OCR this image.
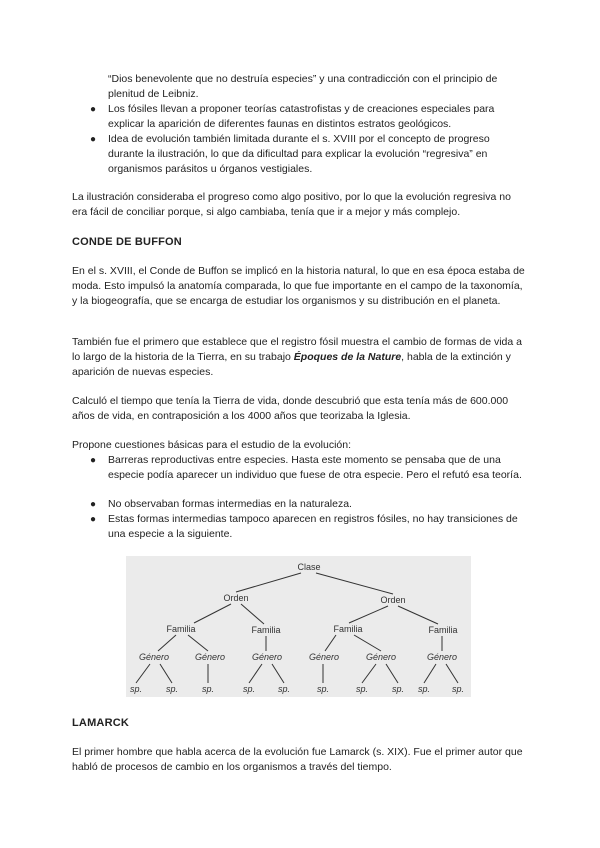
“Dios benevolente que no destruía especies” y una contradicción con el principio de plenitud de Leibniz.

●	Los fósiles llevan a proponer teorías catastrofistas y de creaciones especiales para explicar la aparición de diferentes faunas en distintos estratos geológicos.
●	Idea de evolución también limitada durante el s. XVIII por el concepto de progreso durante la ilustración, lo que da dificultad para explicar la evolución “regresiva” en organismos parásitos u órganos vestigiales.

La ilustración consideraba el progreso como algo positivo, por lo que la evolución regresiva no era fácil de conciliar porque, si algo cambiaba, tenía que ir a mejor y más complejo.

CONDE DE BUFFON

En el s. XVIII, el Conde de Buffon se implicó en la historia natural, lo que en esa época estaba de moda. Esto impulsó la anatomía comparada, lo que fue importante en el campo de la taxonomía, y la biogeografía, que se encarga de estudiar los organismos y su distribución en el planeta.

También fue el primero que establece que el registro fósil muestra el cambio de formas de vida a lo largo de la historia de la Tierra, en su trabajo Époques de la Nature, habla de la extinción y aparición de nuevas especies.

Calculó el tiempo que tenía la Tierra de vida, donde descubrió que esta tenía más de 600.000 años de vida, en contraposición a los 4000 años que teorizaba la Iglesia.

Propone cuestiones básicas para el estudio de la evolución:

●	Barreras reproductivas entre especies. Hasta este momento se pensaba que de una especie podía aparecer un individuo que fuese de otra especie. Pero el refutó esa teoría.
●	No observaban formas intermedias en la naturaleza.
●	Estas formas intermedias tampoco aparecen en registros fósiles, no hay transiciones de una especie a la siguiente.
Clase
Orden	Orden
Familia	Familia	Familia	Familia
Género	Género	Género	Género	Género	Género
sp.	sp.	sp.	sp.	sp.	sp.	sp.	sp. sp. sp.
LAMARCK

El primer hombre que habla acerca de la evolución fue Lamarck (s. XIX). Fue el primer autor que habló de procesos de cambio en los organismos a través del tiempo.
